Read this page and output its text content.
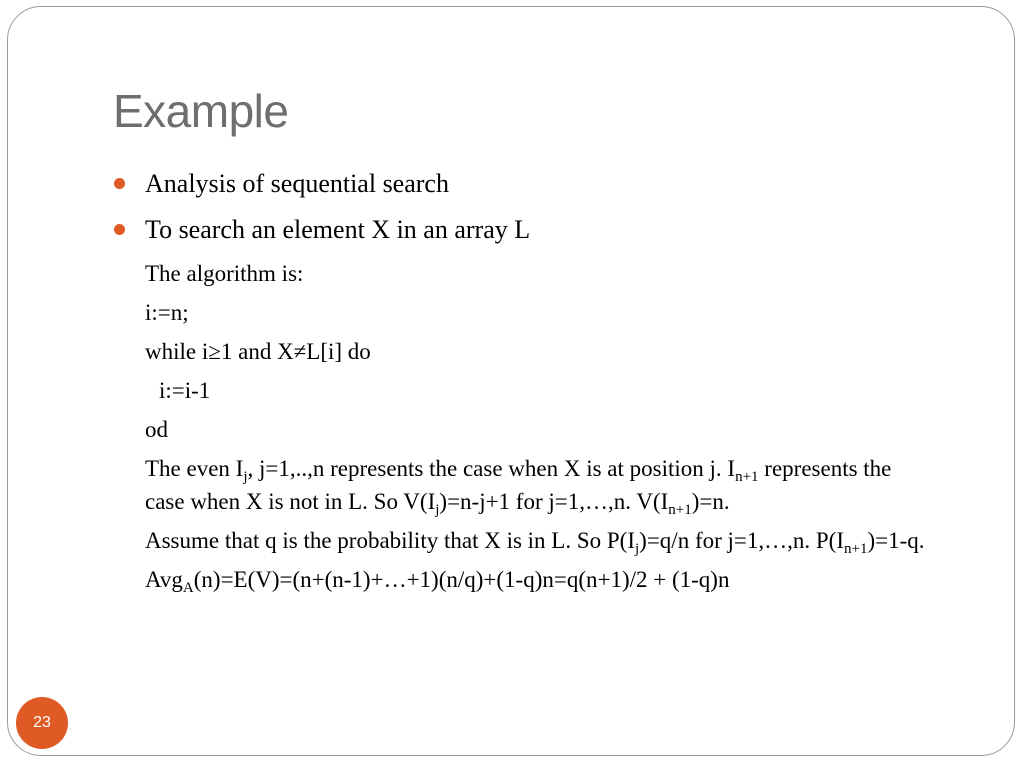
Example
Analysis of sequential search
To search an element X in an array L
The algorithm is:
i:=n;
while i≥1 and X≠L[i] do
i:=i-1
od
The even $I_j$, j=1,..,n represents the case when X is at position j. $I_{n+1}$ represents the case when X is not in L. So $V(I_j)=n-j+1$ for j=1,…,n. $V(I_{n+1})=n$.
Assume that q is the probability that X is in L. So $P(I_j)=q/n$ for j=1,…,n. $P(I_{n+1})=1-q$.
Avg$_A$(n)=E(V)=(n+(n-1)+…+1)(n/q)+(1-q)n=q(n+1)/2 + (1-q)n
23
